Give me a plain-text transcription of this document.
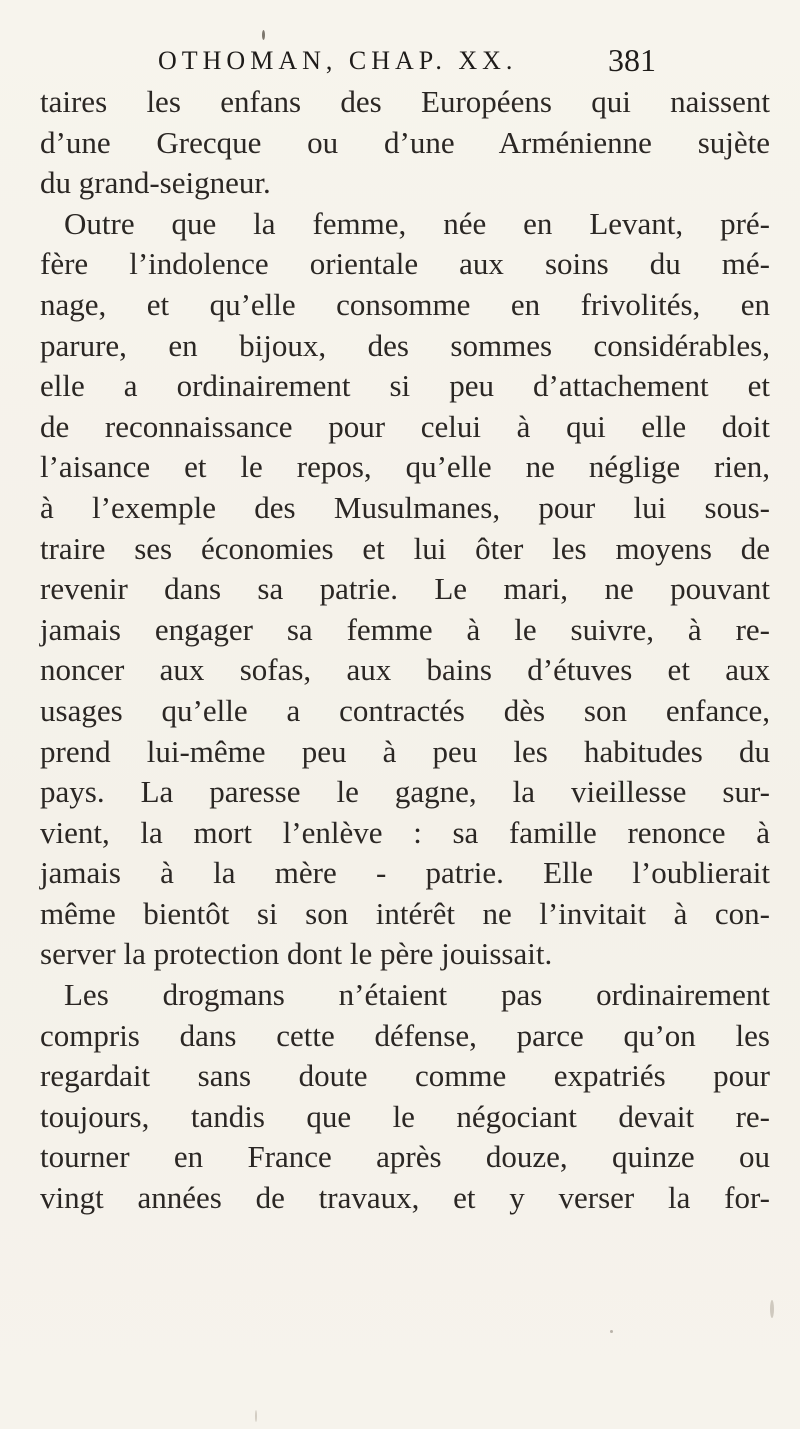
OTHOMAN, CHAP. XX.	381
taires les enfans des Européens qui naissent
d’une Grecque ou d’une Arménienne sujète
du grand-seigneur.
Outre que la femme, née en Levant, pré-
fère l’indolence orientale aux soins du mé-
nage, et qu’elle consomme en frivolités, en
parure, en bijoux, des sommes considérables,
elle a ordinairement si peu d’attachement et
de reconnaissance pour celui à qui elle doit
l’aisance et le repos, qu’elle ne néglige rien,
à l’exemple des Musulmanes, pour lui sous-
traire ses économies et lui ôter les moyens de
revenir dans sa patrie. Le mari, ne pouvant
jamais engager sa femme à le suivre, à re-
noncer aux sofas, aux bains d’étuves et aux
usages qu’elle a contractés dès son enfance,
prend lui-même peu à peu les habitudes du
pays. La paresse le gagne, la vieillesse sur-
vient, la mort l’enlève : sa famille renonce à
jamais à la mère - patrie. Elle l’oublierait
même bientôt si son intérêt ne l’invitait à con-
server la protection dont le père jouissait.
Les drogmans n’étaient pas ordinairement
compris dans cette défense, parce qu’on les
regardait sans doute comme expatriés pour
toujours, tandis que le négociant devait re-
tourner en France après douze, quinze ou
vingt années de travaux, et y verser la for-
